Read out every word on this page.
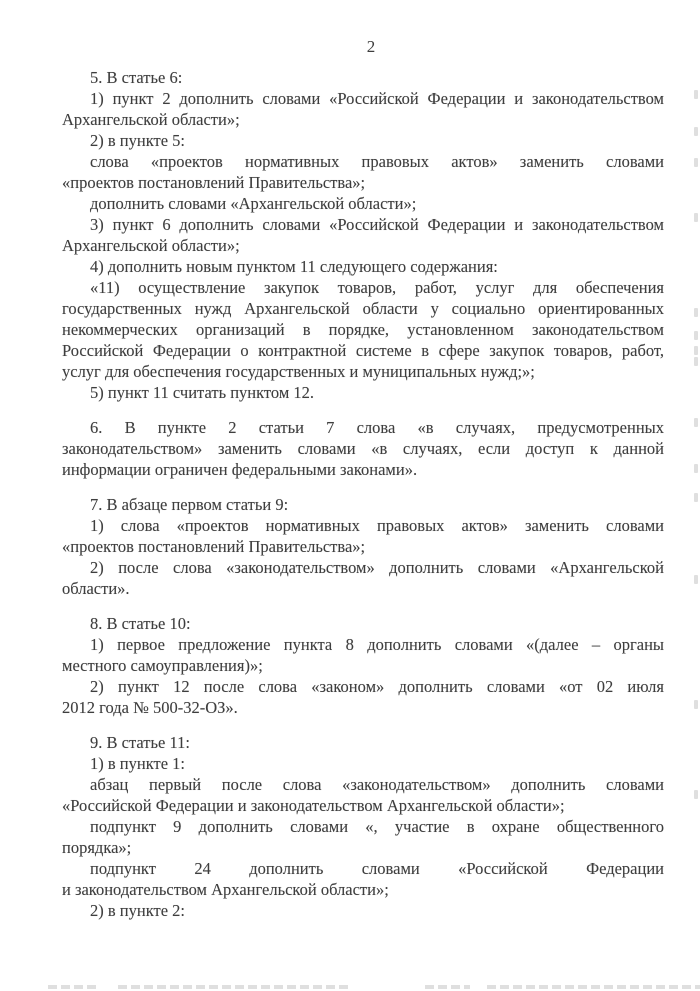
2
5. В статье 6:
1) пункт 2 дополнить словами «Российской Федерации и законодательством
Архангельской области»;
2) в пункте 5:
слова «проектов нормативных правовых актов» заменить словами
«проектов постановлений Правительства»;
дополнить словами «Архангельской области»;
3) пункт 6 дополнить словами «Российской Федерации и законодательством
Архангельской области»;
4) дополнить новым пунктом 11 следующего содержания:
«11) осуществление закупок товаров, работ, услуг для обеспечения
государственных нужд Архангельской области у социально ориентированных
некоммерческих организаций в порядке, установленном законодательством
Российской Федерации о контрактной системе в сфере закупок товаров, работ,
услуг для обеспечения государственных и муниципальных нужд;»;
5) пункт 11 считать пунктом 12.
6. В пункте 2 статьи 7 слова «в случаях, предусмотренных
законодательством» заменить словами «в случаях, если доступ к данной
информации ограничен федеральными законами».
7. В абзаце первом статьи 9:
1) слова «проектов нормативных правовых актов» заменить словами
«проектов постановлений Правительства»;
2) после слова «законодательством» дополнить словами «Архангельской
области».
8. В статье 10:
1) первое предложение пункта 8 дополнить словами «(далее – органы
местного самоуправления)»;
2) пункт 12 после слова «законом» дополнить словами «от 02 июля
2012 года № 500-32-ОЗ».
9. В статье 11:
1) в пункте 1:
абзац первый после слова «законодательством» дополнить словами
«Российской Федерации и законодательством Архангельской области»;
подпункт 9 дополнить словами «, участие в охране общественного
порядка»;
подпункт 24 дополнить словами «Российской Федерации
и законодательством Архангельской области»;
2) в пункте 2:
